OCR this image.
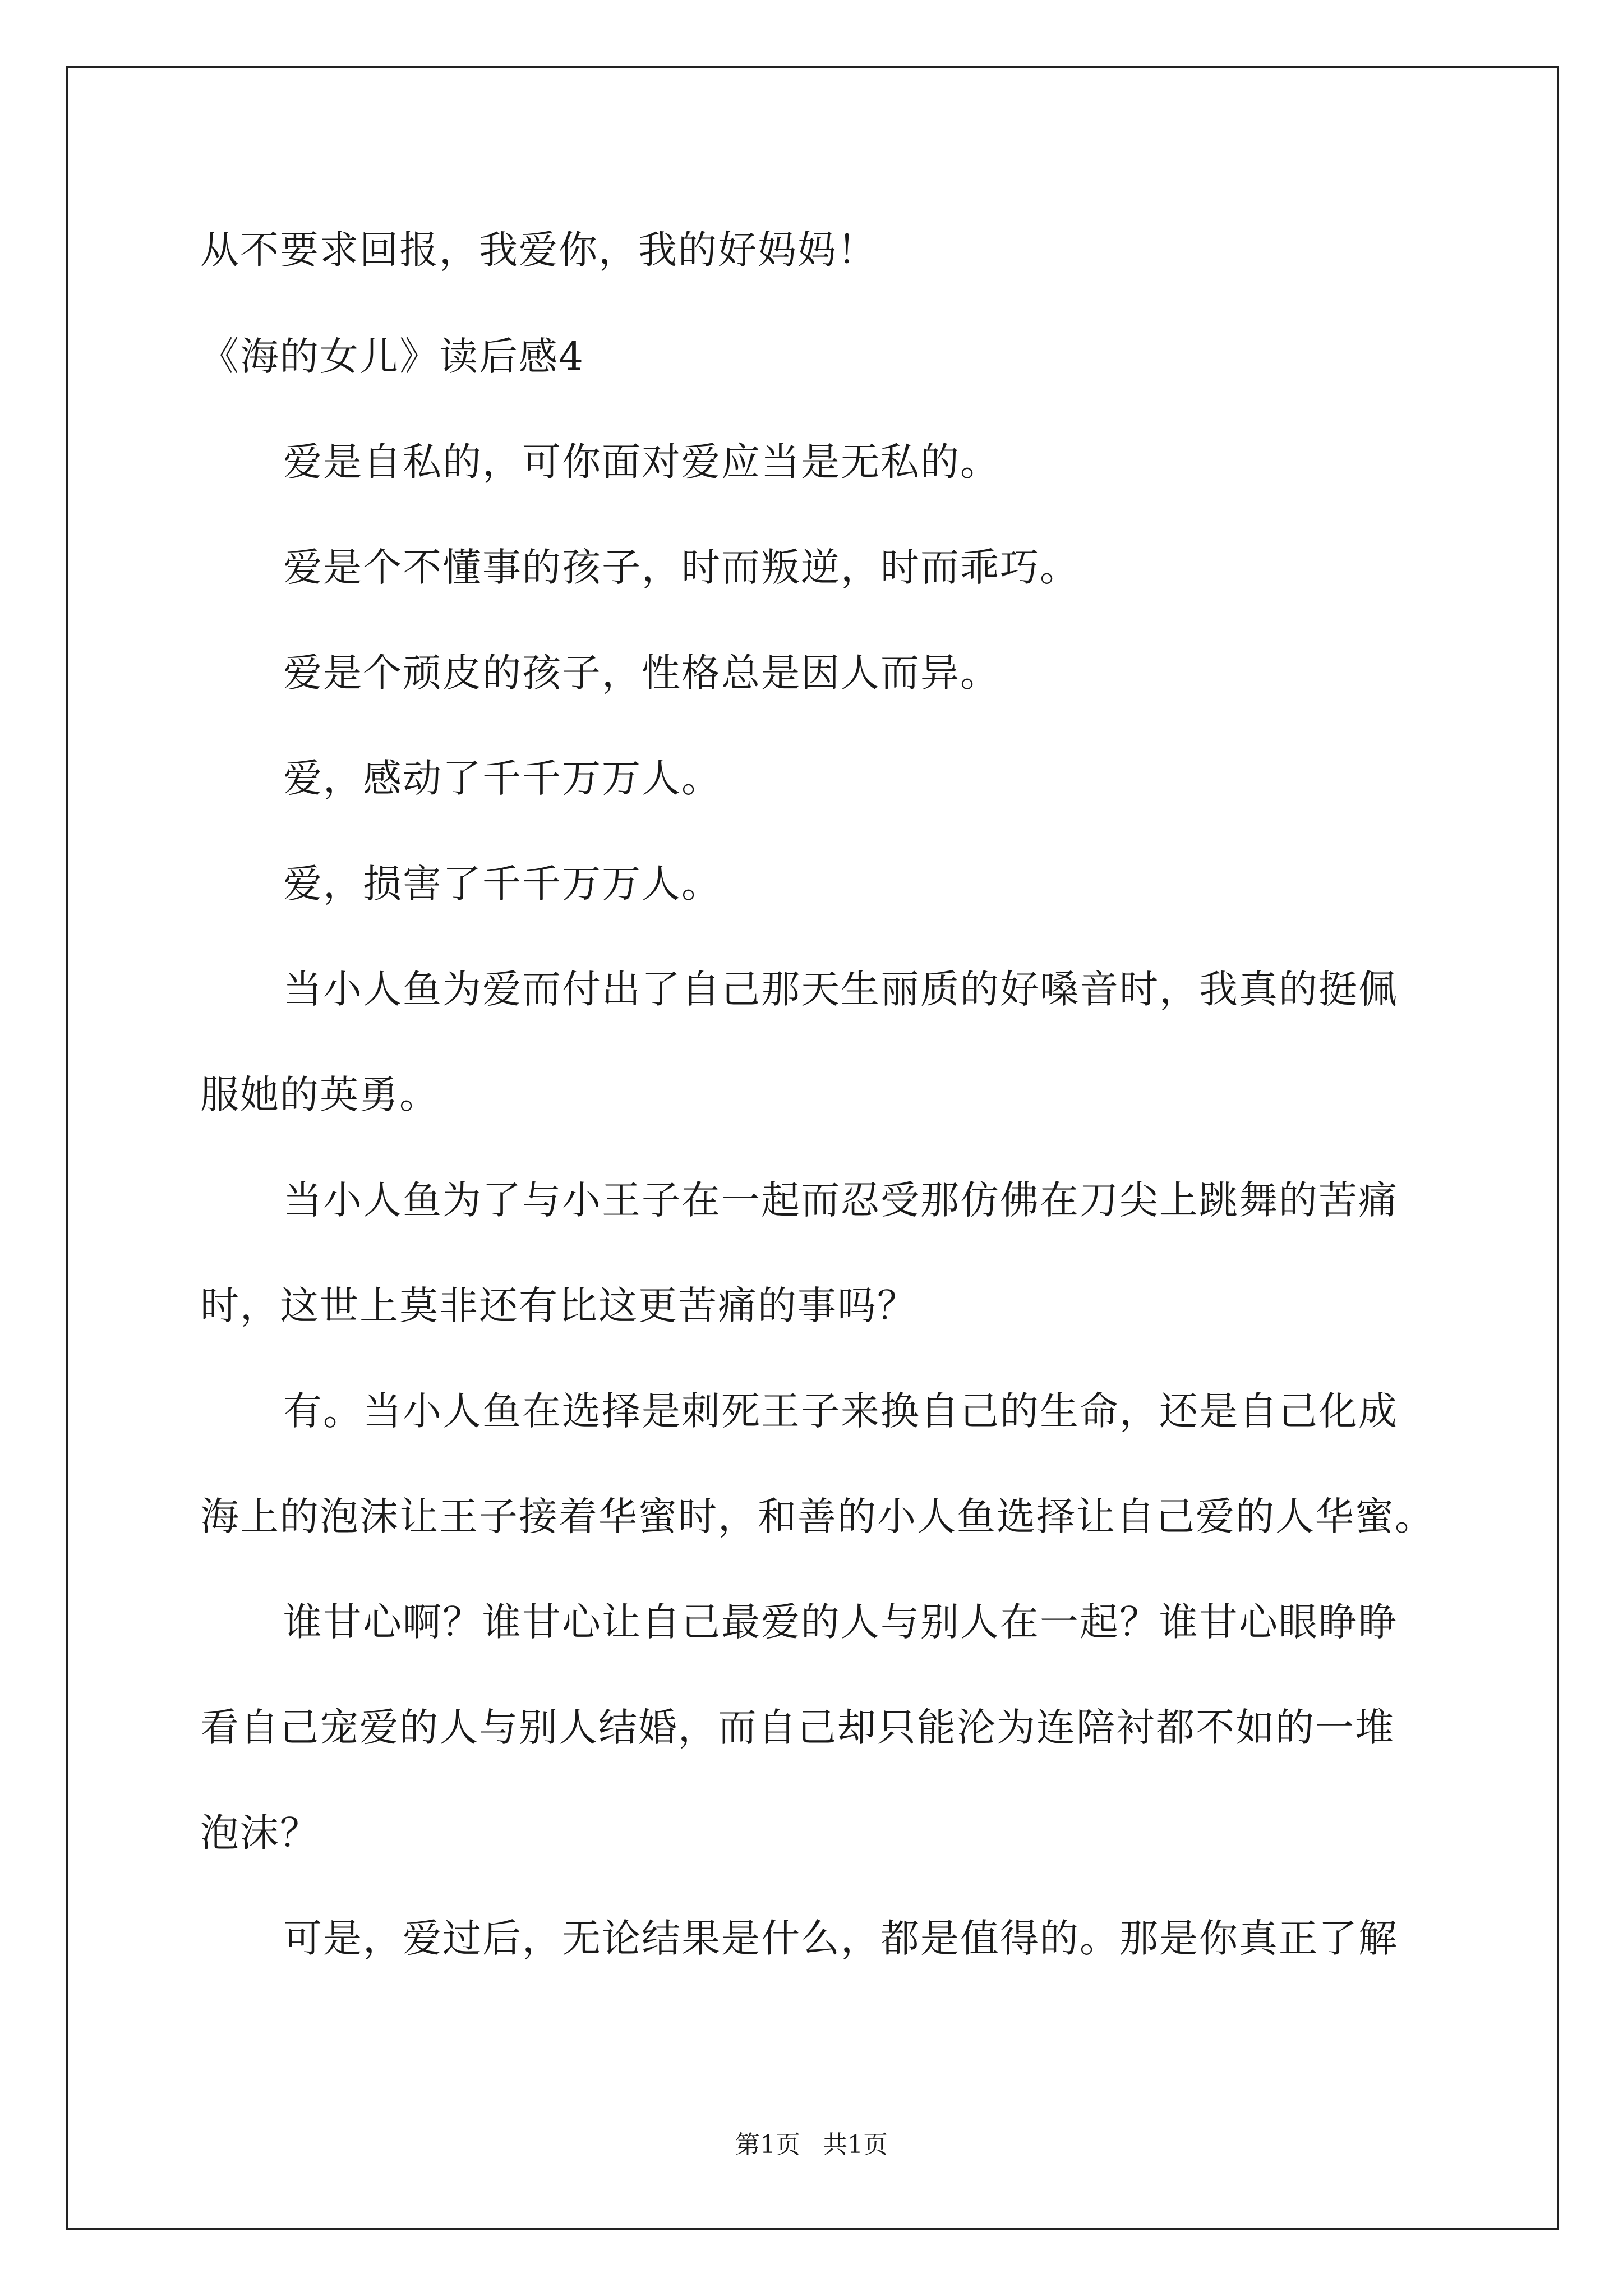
从不要求回报，我爱你，我的好妈妈！

《海的女儿》读后感4

爱是自私的，可你面对爱应当是无私的。

爱是个不懂事的孩子，时而叛逆，时而乖巧。

爱是个顽皮的孩子，性格总是因人而异。

爱，感动了千千万万人。

爱，损害了千千万万人。

当小人鱼为爱而付出了自己那天生丽质的好嗓音时，我真的挺佩

服她的英勇。

当小人鱼为了与小王子在一起而忍受那仿佛在刀尖上跳舞的苦痛

时，这世上莫非还有比这更苦痛的事吗？

有。当小人鱼在选择是刺死王子来换自己的生命，还是自己化成

海上的泡沫让王子接着华蜜时，和善的小人鱼选择让自己爱的人华蜜。

谁甘心啊？谁甘心让自己最爱的人与别人在一起？谁甘心眼睁睁

看自己宠爱的人与别人结婚，而自己却只能沦为连陪衬都不如的一堆

泡沫？

可是，爱过后，无论结果是什么，都是值得的。那是你真正了解

第1页 共1页
